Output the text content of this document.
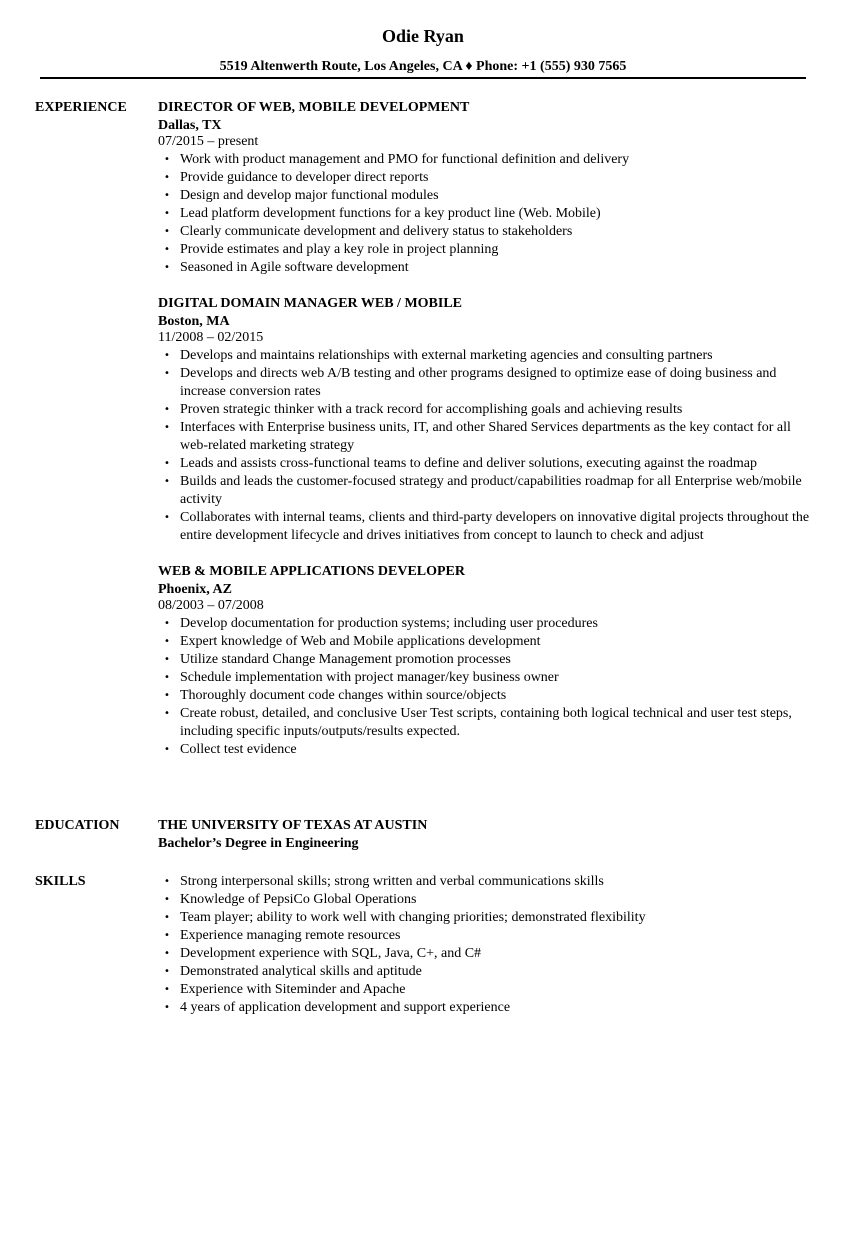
Odie Ryan
5519 Altenwerth Route, Los Angeles, CA ♦ Phone: +1 (555) 930 7565
EXPERIENCE	DIRECTOR OF WEB, MOBILE DEVELOPMENT
Dallas, TX
07/2015 – present
• Work with product management and PMO for functional definition and delivery
• Provide guidance to developer direct reports
• Design and develop major functional modules
• Lead platform development functions for a key product line (Web. Mobile)
• Clearly communicate development and delivery status to stakeholders
• Provide estimates and play a key role in project planning
• Seasoned in Agile software development
DIGITAL DOMAIN MANAGER WEB / MOBILE
Boston, MA
11/2008 – 02/2015
• Develops and maintains relationships with external marketing agencies and consulting partners
• Develops and directs web A/B testing and other programs designed to optimize ease of doing business and increase conversion rates
• Proven strategic thinker with a track record for accomplishing goals and achieving results
• Interfaces with Enterprise business units, IT, and other Shared Services departments as the key contact for all web-related marketing strategy
• Leads and assists cross-functional teams to define and deliver solutions, executing against the roadmap
• Builds and leads the customer-focused strategy and product/capabilities roadmap for all Enterprise web/mobile activity
• Collaborates with internal teams, clients and third-party developers on innovative digital projects throughout the entire development lifecycle and drives initiatives from concept to launch to check and adjust
WEB & MOBILE APPLICATIONS DEVELOPER
Phoenix, AZ
08/2003 – 07/2008
• Develop documentation for production systems; including user procedures
• Expert knowledge of Web and Mobile applications development
• Utilize standard Change Management promotion processes
• Schedule implementation with project manager/key business owner
• Thoroughly document code changes within source/objects
• Create robust, detailed, and conclusive User Test scripts, containing both logical technical and user test steps, including specific inputs/outputs/results expected.
• Collect test evidence
EDUCATION	THE UNIVERSITY OF TEXAS AT AUSTIN
Bachelor’s Degree in Engineering
SKILLS
•	Strong interpersonal skills; strong written and verbal communications skills
• Knowledge of PepsiCo Global Operations
• Team player; ability to work well with changing priorities; demonstrated flexibility
• Experience managing remote resources
• Development experience with SQL, Java, C+, and C#
• Demonstrated analytical skills and aptitude
• Experience with Siteminder and Apache
• 4 years of application development and support experience
